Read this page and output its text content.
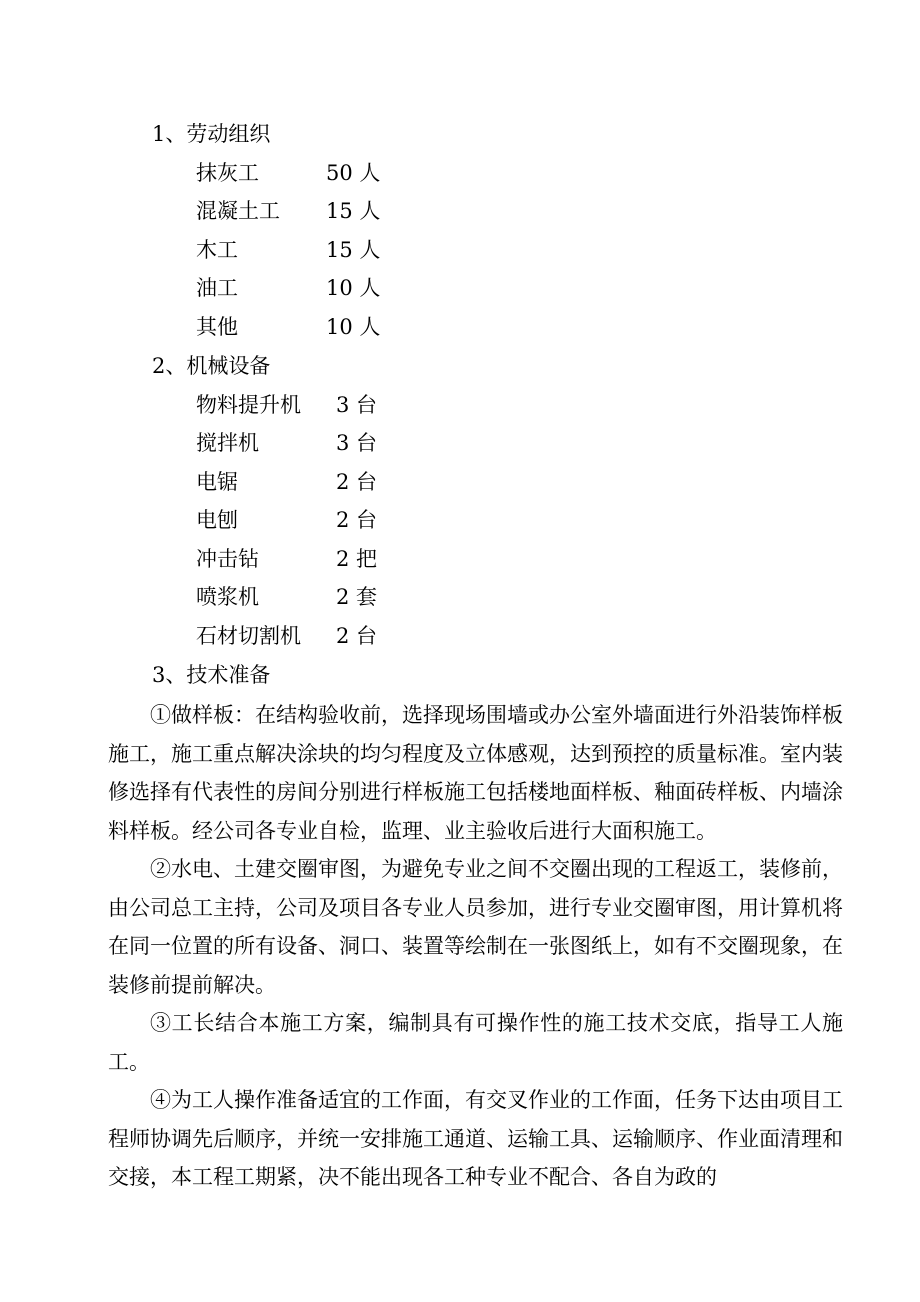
1、劳动组织
抹灰工	50 人
混凝土工 15 人
木工	15 人
油工	10 人
其他	10 人
2、机械设备
物料提升机 3 台
搅拌机	3 台
电锯	2 台
电刨	2 台
冲击钻	2 把
喷浆机	2 套
石材切割机 2 台
3、技术准备

①做样板：在结构验收前，选择现场围墙或办公室外墙面进行外沿装饰样板施工，施工重点解决涂块的均匀程度及立体感观，达到预控的质量标准。室内装修选择有代表性的房间分别进行样板施工包括楼地面样板、釉面砖样板、内墙涂料样板。经公司各专业自检，监理、业主验收后进行大面积施工。

②水电、土建交圈审图，为避免专业之间不交圈出现的工程返工，装修前，由公司总工主持，公司及项目各专业人员参加，进行专业交圈审图，用计算机将在同一位置的所有设备、洞口、装置等绘制在一张图纸上，如有不交圈现象，在装修前提前解决。

③工长结合本施工方案，编制具有可操作性的施工技术交底，指导工人施工。

④为工人操作准备适宜的工作面，有交叉作业的工作面，任务下达由项目工程师协调先后顺序，并统一安排施工通道、运输工具、运输顺序、作业面清理和交接，本工程工期紧，决不能出现各工种专业不配合、各自为政的
